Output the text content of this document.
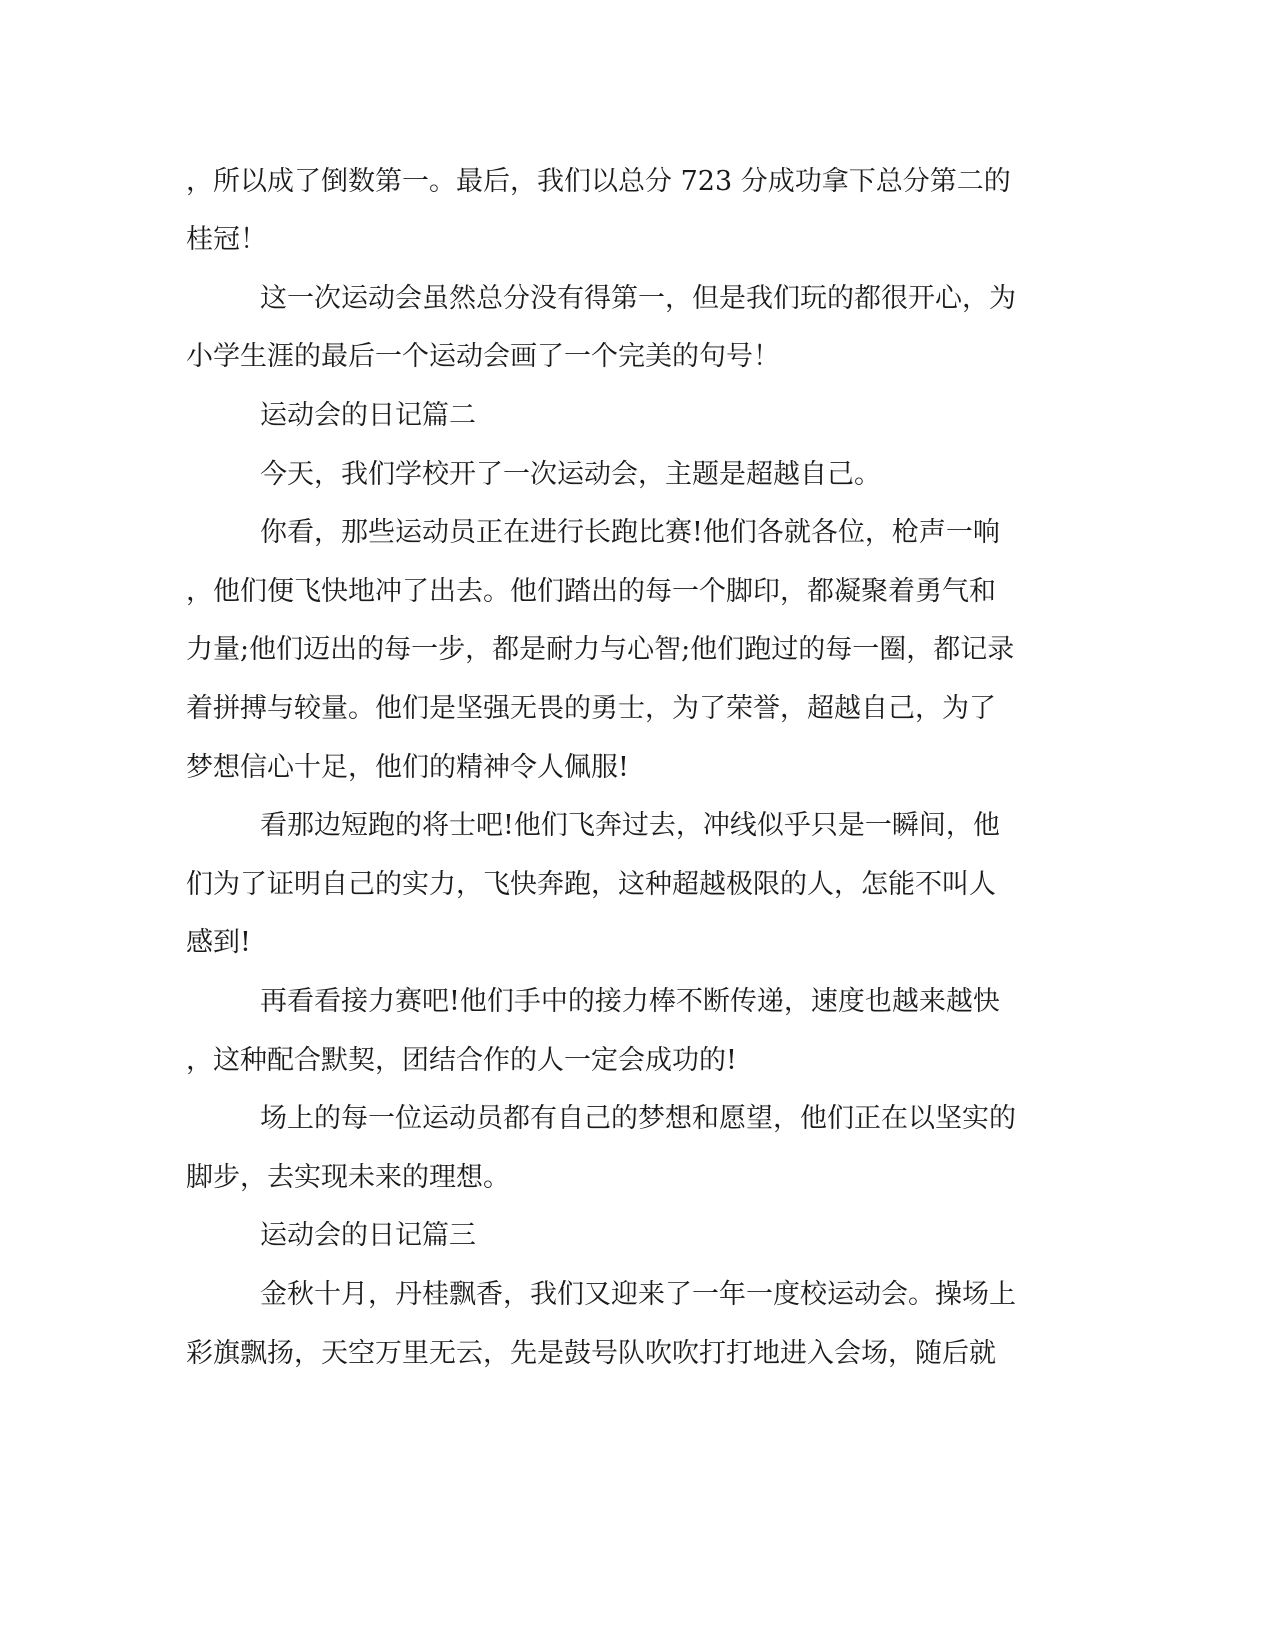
，所以成了倒数第一。最后，我们以总分 723 分成功拿下总分第二的
桂冠！
这一次运动会虽然总分没有得第一，但是我们玩的都很开心，为
小学生涯的最后一个运动会画了一个完美的句号！
运动会的日记篇二
今天，我们学校开了一次运动会，主题是超越自己。
你看，那些运动员正在进行长跑比赛!他们各就各位，枪声一响
，他们便飞快地冲了出去。他们踏出的每一个脚印，都凝聚着勇气和
力量;他们迈出的每一步，都是耐力与心智;他们跑过的每一圈，都记录
着拼搏与较量。他们是坚强无畏的勇士，为了荣誉，超越自己，为了
梦想信心十足，他们的精神令人佩服!
看那边短跑的将士吧!他们飞奔过去，冲线似乎只是一瞬间，他
们为了证明自己的实力，飞快奔跑，这种超越极限的人，怎能不叫人
感到!
再看看接力赛吧!他们手中的接力棒不断传递，速度也越来越快
，这种配合默契，团结合作的人一定会成功的!
场上的每一位运动员都有自己的梦想和愿望，他们正在以坚实的
脚步，去实现未来的理想。
运动会的日记篇三
金秋十月，丹桂飘香，我们又迎来了一年一度校运动会。操场上
彩旗飘扬，天空万里无云，先是鼓号队吹吹打打地进入会场，随后就
